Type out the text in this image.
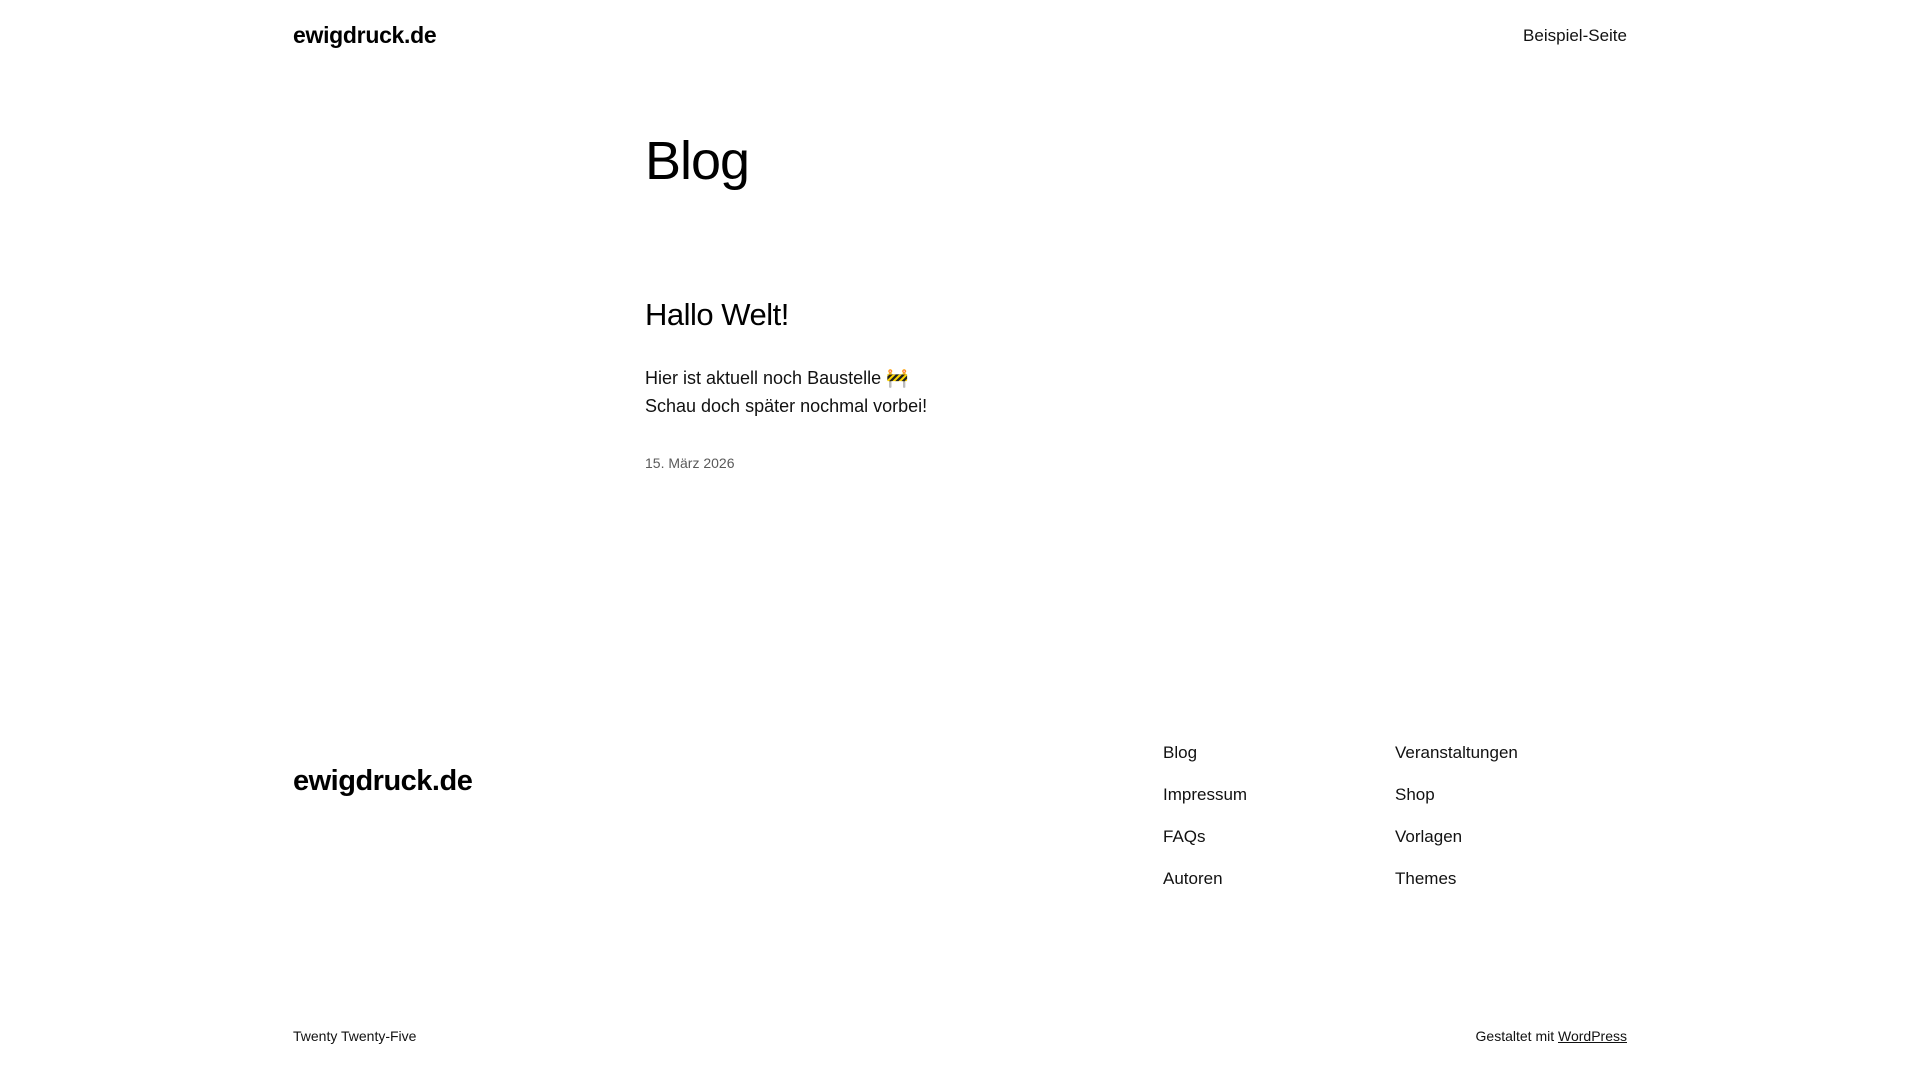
ewigdruck.de	Beispiel-Seite
Blog
Hallo Welt!

Hier ist aktuell noch Baustelle 🚧
Schau doch später nochmal vorbei!

15. März 2026
ewigdruck.de
Blog
Impressum
FAQs
Autoren
Veranstaltungen
Shop
Vorlagen
Themes
Twenty Twenty-Five	Gestaltet mit WordPress
